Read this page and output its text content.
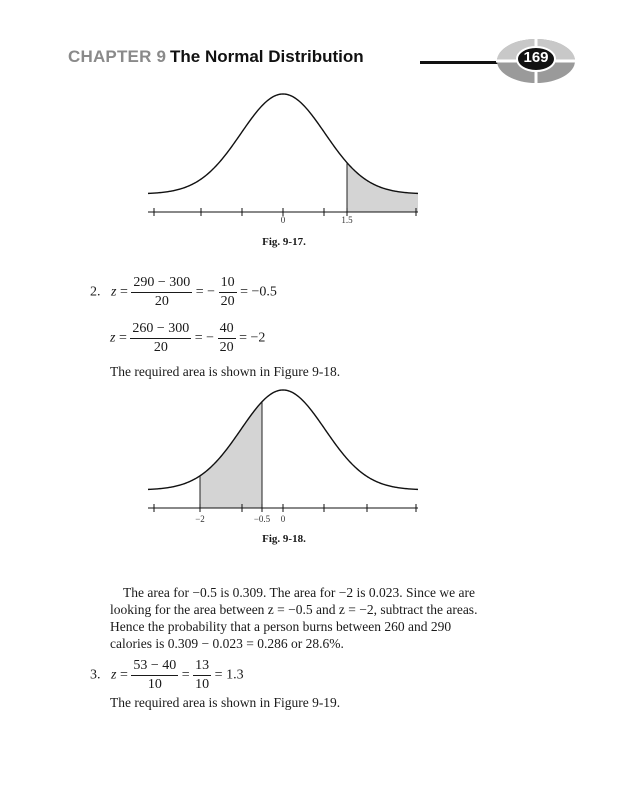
CHAPTER 9 The Normal Distribution	169
0	1.5
Fig. 9-17.
2. $z = \frac{290 - 300}{20}$ = − $\frac{10}{20} = -0.5$
$z = \frac{260 - 300}{20}$ = − $\frac{40}{20} = -2$
The required area is shown in Figure 9-18.
−2	−0.5 0
Fig. 9-18.
The area for −0.5 is 0.309. The area for −2 is 0.023. Since we are
looking for the area between z = −0.5 and z = −2, subtract the areas.
Hence the probability that a person burns between 260 and 290
calories is 0.309 − 0.023 = 0.286 or 28.6%.
3. $z = \frac{53 - 40}{10} = \frac{13}{10} = 1.3$
The required area is shown in Figure 9-19.
